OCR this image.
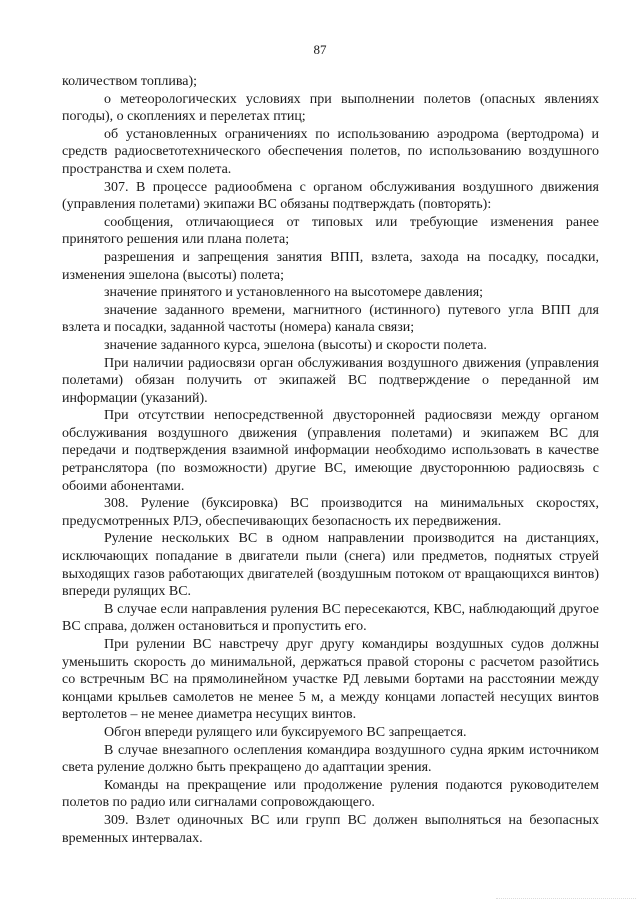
87

количеством топлива);

о метеорологических условиях при выполнении полетов (опасных явлениях погоды), о скоплениях и перелетах птиц;

об установленных ограничениях по использованию аэродрома (вертодрома) и средств радиосветотехнического обеспечения полетов, по использованию воздушного пространства и схем полета.

307. В процессе радиообмена с органом обслуживания воздушного движения (управления полетами) экипажи ВС обязаны подтверждать (повторять):

сообщения, отличающиеся от типовых или требующие изменения ранее принятого решения или плана полета;

разрешения и запрещения занятия ВПП, взлета, захода на посадку, посадки, изменения эшелона (высоты) полета;

значение принятого и установленного на высотомере давления;

значение заданного времени, магнитного (истинного) путевого угла ВПП для взлета и посадки, заданной частоты (номера) канала связи;

значение заданного курса, эшелона (высоты) и скорости полета.

При наличии радиосвязи орган обслуживания воздушного движения (управления полетами) обязан получить от экипажей ВС подтверждение о переданной им информации (указаний).

При отсутствии непосредственной двусторонней радиосвязи между органом обслуживания воздушного движения (управления полетами) и экипажем ВС для передачи и подтверждения взаимной информации необходимо использовать в качестве ретранслятора (по возможности) другие ВС, имеющие двустороннюю радиосвязь с обоими абонентами.

308. Руление (буксировка) ВС производится на минимальных скоростях, предусмотренных РЛЭ, обеспечивающих безопасность их передвижения.

Руление нескольких ВС в одном направлении производится на дистанциях, исключающих попадание в двигатели пыли (снега) или предметов, поднятых струей выходящих газов работающих двигателей (воздушным потоком от вращающихся винтов) впереди рулящих ВС.

В случае если направления руления ВС пересекаются, КВС, наблюдающий другое ВС справа, должен остановиться и пропустить его.

При рулении ВС навстречу друг другу командиры воздушных судов должны уменьшить скорость до минимальной, держаться правой стороны с расчетом разойтись со встречным ВС на прямолинейном участке РД левыми бортами на расстоянии между концами крыльев самолетов не менее 5 м, а между концами лопастей несущих винтов вертолетов – не менее диаметра несущих винтов.

Обгон впереди рулящего или буксируемого ВС запрещается.

В случае внезапного ослепления командира воздушного судна ярким источником света руление должно быть прекращено до адаптации зрения.

Команды на прекращение или продолжение руления подаются руководителем полетов по радио или сигналами сопровождающего.

309. Взлет одиночных ВС или групп ВС должен выполняться на безопасных временных интервалах.
